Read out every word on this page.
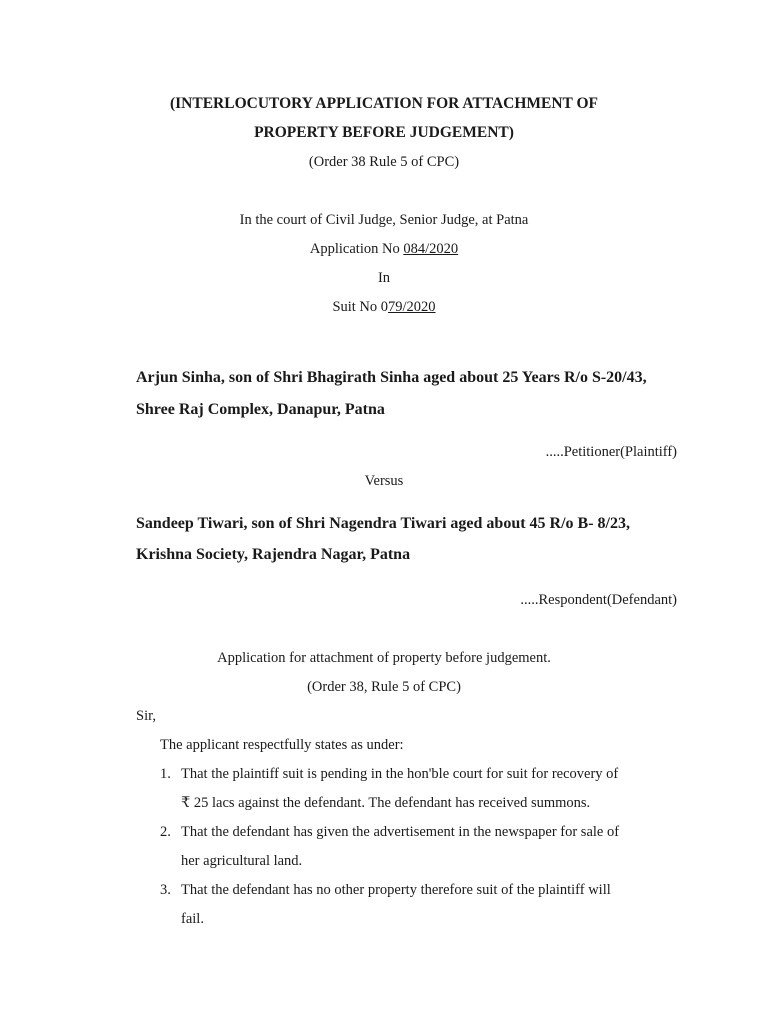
(INTERLOCUTORY APPLICATION FOR ATTACHMENT OF
PROPERTY BEFORE JUDGEMENT)
(Order 38 Rule 5 of CPC)
In the court of Civil Judge, Senior Judge, at Patna
Application No 084/2020
In
Suit No 079/2020
Arjun Sinha, son of Shri Bhagirath Sinha aged about 25 Years R/o S-20/43,
Shree Raj Complex, Danapur, Patna
.....Petitioner(Plaintiff)
Versus
Sandeep Tiwari, son of Shri Nagendra Tiwari aged about 45 R/o B- 8/23,
Krishna Society, Rajendra Nagar, Patna
.....Respondent(Defendant)
Application for attachment of property before judgement.
(Order 38, Rule 5 of CPC)
Sir,
The applicant respectfully states as under:
1. That the plaintiff suit is pending in the hon'ble court for suit for recovery of
₹ 25 lacs against the defendant. The defendant has received summons.
2. That the defendant has given the advertisement in the newspaper for sale of
her agricultural land.
3. That the defendant has no other property therefore suit of the plaintiff will
fail.
